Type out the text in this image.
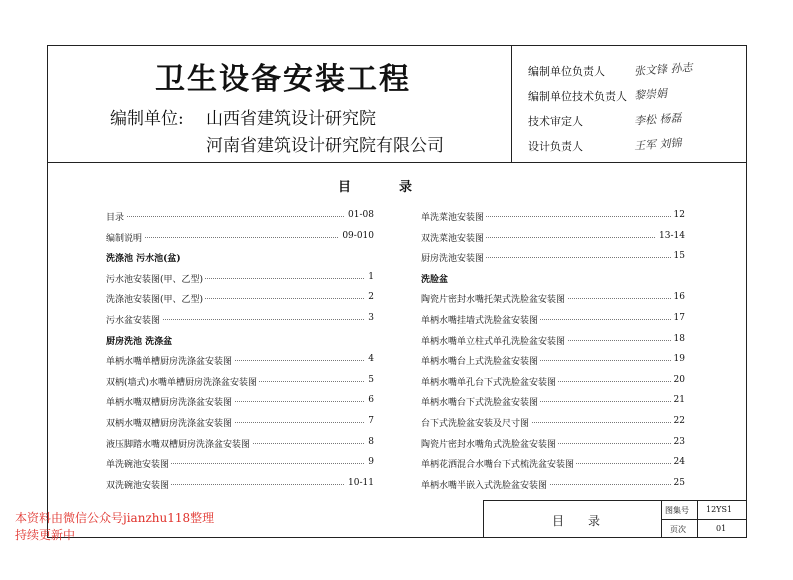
卫生设备安装工程
编制单位: 山西省建筑设计研究院
河南省建筑设计研究院有限公司
编制单位负责人	张文锋 孙志
编制单位技术负责人 黎崇娟
技术审定人	李松 杨磊
设计负责人	王军 刘锦
目录
目录	01-08
编制说明	09-010
洗涤池 污水池(盆)
污水池安装图(甲、乙型)	1
洗涤池安装图(甲、乙型)	2
污水盆安装图	3
厨房洗池 洗涤盆
单柄水嘴单槽厨房洗涤盆安装图	4
双柄(墙式)水嘴单槽厨房洗涤盆安装图	5
单柄水嘴双槽厨房洗涤盆安装图	6
双柄水嘴双槽厨房洗涤盆安装图	7
液压脚踏水嘴双槽厨房洗涤盆安装图	8
单洗碗池安装图	9
双洗碗池安装图	10-11
单洗菜池安装图	12
双洗菜池安装图	13-14
厨房洗池安装图	15
洗脸盆
陶瓷片密封水嘴托架式洗脸盆安装图	16
单柄水嘴挂墙式洗脸盆安装图	17
单柄水嘴单立柱式单孔洗脸盆安装图	18
单柄水嘴台上式洗脸盆安装图	19
单柄水嘴单孔台下式洗脸盆安装图	20
单柄水嘴台下式洗脸盆安装图	21
台下式洗脸盆安装及尺寸图	22
陶瓷片密封水嘴角式洗脸盆安装图	23
单柄花洒混合水嘴台下式梳洗盆安装图	24
单柄水嘴半嵌入式洗脸盆安装图	25
目录
图集号 12YS1
页次	01
本资料由微信公众号jianzhu118整理
持续更新中
